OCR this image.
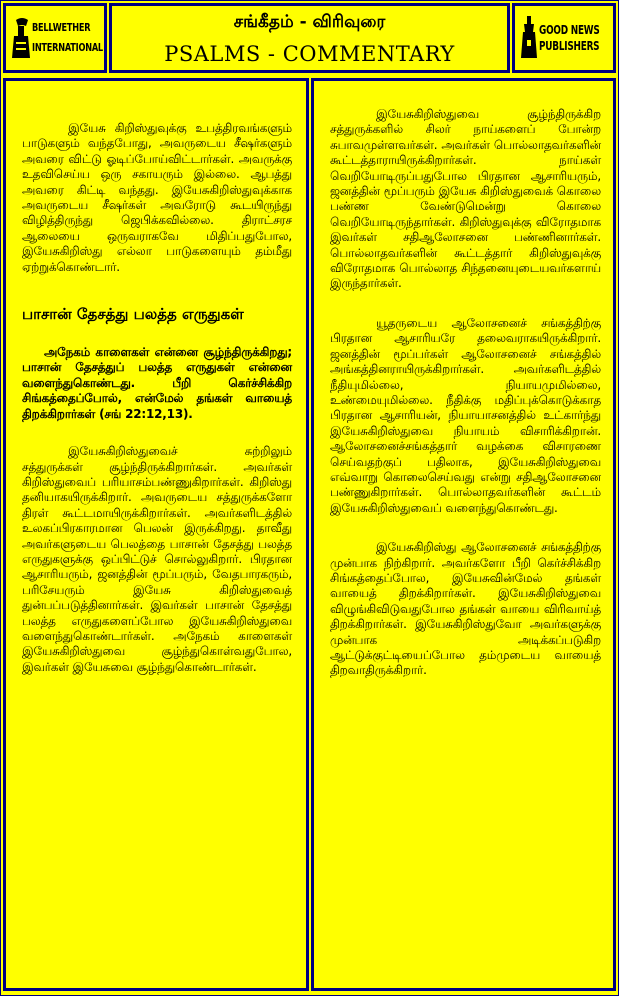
BELLWETHER
INTERNATIONAL
சங்கீதம் - விரிவுரை
PSALMS - COMMENTARY
GOOD NEWS
PUBLISHERS

இயேசு கிறிஸ்துவுக்கு உபத்திரவங்களும் பாடுகளும் வந்தபோது, அவருடைய சீஷர்களும் அவரை விட்டு ஓடிப்போய்விட்டார்கள். அவருக்கு உதவிசெய்ய ஒரு சகாயரும் இல்லை. ஆபத்து அவரை கிட்டி வந்தது. இயேசுகிறிஸ்துவுக்காக அவருடைய சீஷர்கள் அவரோடு கூடயிருந்து விழித்திருந்து ஜெபிக்கவில்லை. திராட்சரச ஆலையை ஒருவராகவே மிதிப்பதுபோல, இயேசுகிறிஸ்து எல்லா பாடுகளையும் தம்மீது ஏற்றுக்கொண்டார்.

பாசான் தேசத்து பலத்த எருதுகள்

அநேகம் காளைகள் என்னை சூழ்ந்திருக்கிறது; பாசான் தேசத்துப் பலத்த எருதுகள் என்னை வளைந்துகொண்டது. பீறி கெர்ச்சிக்கிற சிங்கத்தைப்போல், என்மேல் தங்கள் வாயைத் திறக்கிறார்கள் (சங் 22:12,13).

இயேசுகிறிஸ்துவைச் சுற்றிலும் சத்துருக்கள் சூழ்ந்திருக்கிறார்கள். அவர்கள் கிறிஸ்துவைப் பரியாசம்பண்ணுகிறார்கள். கிறிஸ்து தனியாகயிருக்கிறார். அவருடைய சத்துருக்களோ திரள் கூட்டமாயிருக்கிறார்கள். அவர்களிடத்தில் உலகப்பிரகாரமான பெலன் இருக்கிறது. தாவீது அவர்களுடைய பெலத்தை பாசான் தேசத்து பலத்த எருதுகளுக்கு ஒப்பிட்டுச் சொல்லுகிறார். பிரதான ஆசாரியரும், ஜனத்தின் மூப்பரும், வேதபாரகரும், பரிசேயரும் இயேசு கிறிஸ்துவைத் துன்பப்படுத்தினார்கள். இவர்கள் பாசான் தேசத்து பலத்த எருதுகளைப்போல இயேசுகிறிஸ்துவை வளைந்துகொண்டார்கள். அநேகம் காளைகள் இயேசுகிறிஸ்துவை சூழ்ந்துகொள்வதுபோல, இவர்கள் இயேசுவை சூழ்ந்துகொண்டார்கள்.

இயேசுகிறிஸ்துவை சூழ்ந்திருக்கிற சத்துருக்களில் சிலர் நாய்களைப் போன்ற சுபாவமுள்ளவர்கள். அவர்கள் பொல்லாதவர்களின் கூட்டத்தாராயிருக்கிறார்கள். நாய்கள் வெறியோடிருப்பதுபோல பிரதான ஆசாரியரும், ஜனத்தின் மூப்பரும் இயேசு கிறிஸ்துவைக் கொலை பண்ண வேண்டுமென்று கொலை வெறியோடிருந்தார்கள். கிறிஸ்துவுக்கு விரோதமாக இவர்கள் சதிஆலோசனை பண்ணினார்கள். பொல்லாதவர்களின் கூட்டத்தார் கிறிஸ்துவுக்கு விரோதமாக பொல்லாத சிந்தனையுடையவர்களாய் இருந்தார்கள்.

யூதருடைய ஆலோசனைச் சங்கத்திற்கு பிரதான ஆசாரியரே தலைவராகயிருக்கிறார். ஜனத்தின் மூப்பர்கள் ஆலோசனைச் சங்கத்தில் அங்கத்தினராயிருக்கிறார்கள். அவர்களிடத்தில் நீதியுமில்லை, நியாயமுமில்லை, உண்மையுமில்லை. நீதிக்கு மதிப்புக்கொடுக்காத பிரதான ஆசாரியன், நியாயாசனத்தில் உட்கார்ந்து இயேசுகிறிஸ்துவை நியாயம் விசாரிக்கிறான். ஆலோசனைச்சங்கத்தார் வழக்கை விசாரணை செய்வதற்குப் பதிலாக, இயேசுகிறிஸ்துவை எவ்வாறு கொலைசெய்வது என்று சதிஆலோசனை பண்ணுகிறார்கள். பொல்லாதவர்களின் கூட்டம் இயேசுகிறிஸ்துவைப் வளைந்துகொண்டது.

இயேசுகிறிஸ்து ஆலோசனைச் சங்கத்திற்கு முன்பாக நிற்கிறார். அவர்களோ பீறி கெர்ச்சிக்கிற சிங்கத்தைப்போல, இயேசுவின்மேல் தங்கள் வாயைத் திறக்கிறார்கள். இயேசுகிறிஸ்துவை விழுங்கிவிடுவதுபோல தங்கள் வாயை விரிவாய்த் திறக்கிறார்கள். இயேசுகிறிஸ்துவோ அவர்களுக்கு முன்பாக அடிக்கப்படுகிற ஆட்டுக்குட்டியைப்போல தம்முடைய வாயைத் திறவாதிருக்கிறார்.
